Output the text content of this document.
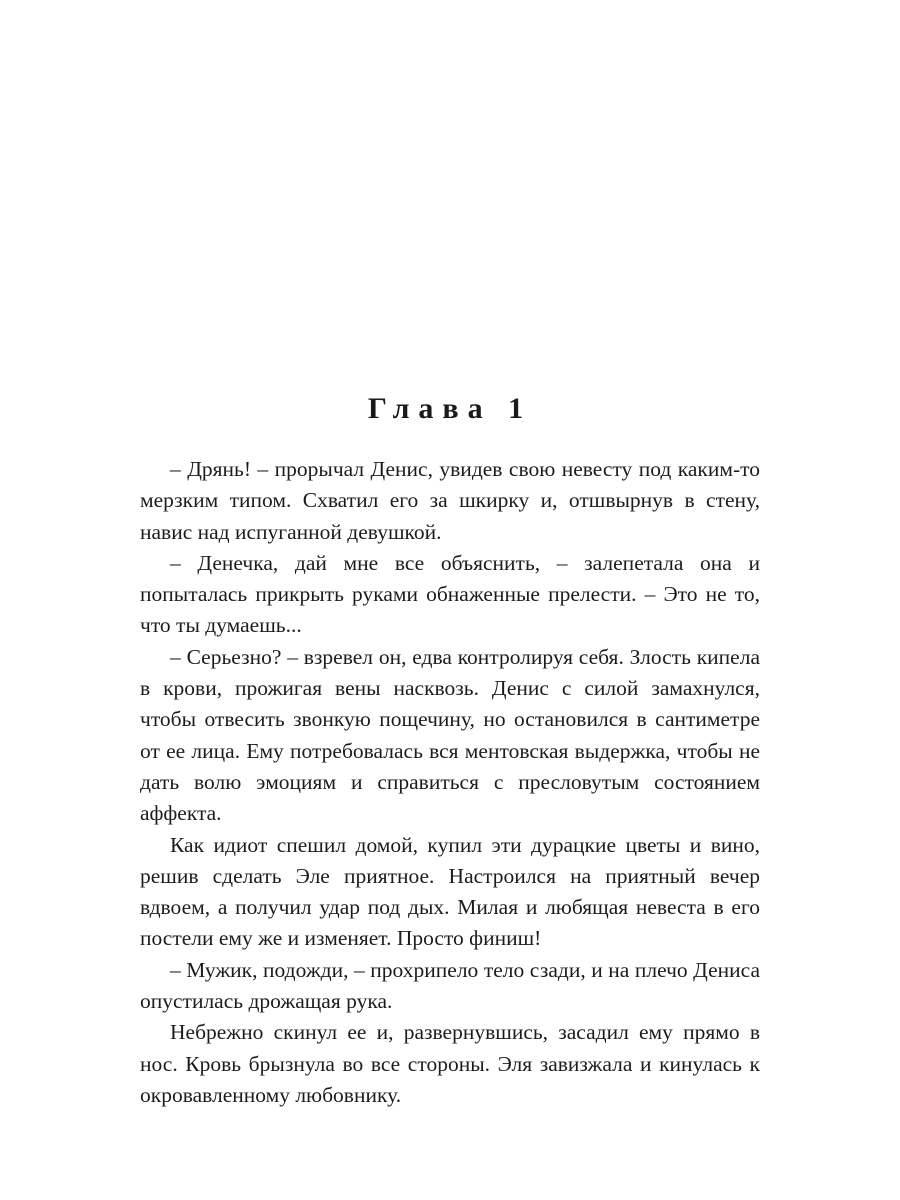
Глава 1

– Дрянь! – прорычал Денис, увидев свою невесту под каким-то мерзким типом. Схватил его за шкирку и, отшвырнув в стену, навис над испуганной девушкой.

– Денечка, дай мне все объяснить, – залепетала она и попыталась прикрыть руками обнаженные прелести. – Это не то, что ты думаешь...

– Серьезно? – взревел он, едва контролируя себя. Злость кипела в крови, прожигая вены насквозь. Денис с силой замахнулся, чтобы отвесить звонкую пощечину, но остановился в сантиметре от ее лица. Ему потребовалась вся ментовская выдержка, чтобы не дать волю эмоциям и справиться с пресловутым состоянием аффекта.

Как идиот спешил домой, купил эти дурацкие цветы и вино, решив сделать Эле приятное. Настроился на приятный вечер вдвоем, а получил удар под дых. Милая и любящая невеста в его постели ему же и изменяет. Просто финиш!

– Мужик, подожди, – прохрипело тело сзади, и на плечо Дениса опустилась дрожащая рука.

Небрежно скинул ее и, развернувшись, засадил ему прямо в нос. Кровь брызнула во все стороны. Эля завизжала и кинулась к окровавленному любовнику.
